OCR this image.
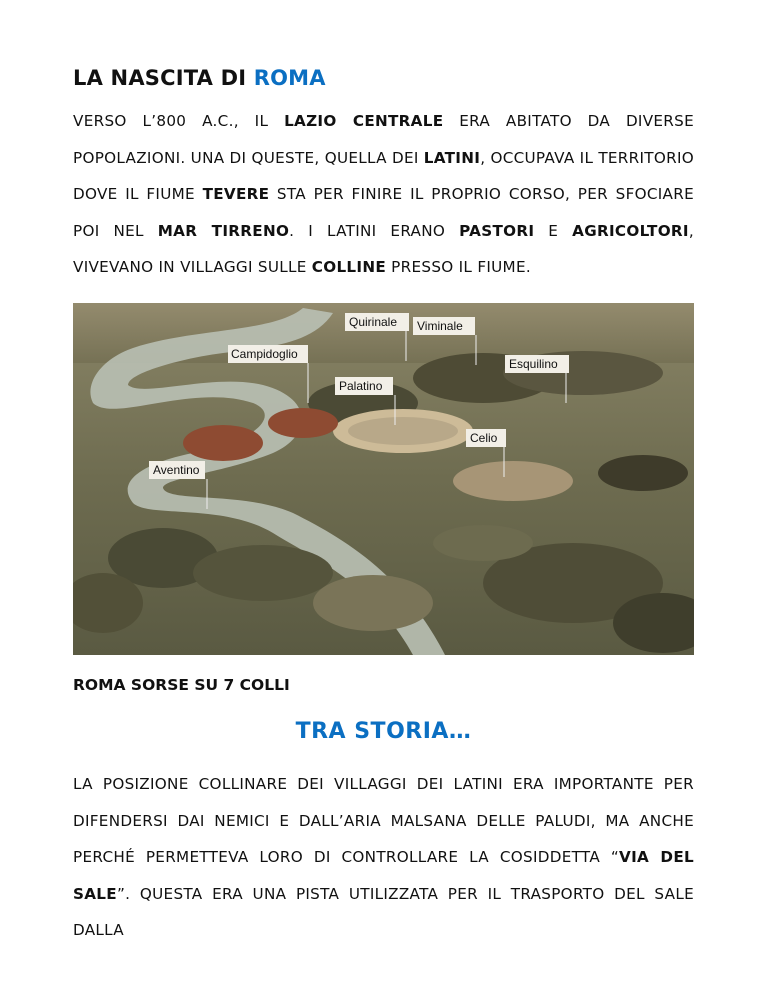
LA NASCITA DI ROMA
VERSO L’800 A.C., IL LAZIO CENTRALE ERA ABITATO DA DIVERSE POPOLAZIONI. UNA DI QUESTE, QUELLA DEI LATINI, OCCUPAVA IL TERRITORIO DOVE IL FIUME TEVERE STA PER FINIRE IL PROPRIO CORSO, PER SFOCIARE POI NEL MAR TIRRENO. I LATINI ERANO PASTORI E AGRICOLTORI, VIVEVANO IN VILLAGGI SULLE COLLINE PRESSO IL FIUME.
Quirinale Viminale
Campidoglio
Esquilino
Palatino
Celio
Aventino

ROMA SORSE SU 7 COLLI

TRA STORIA…
LA POSIZIONE COLLINARE DEI VILLAGGI DEI LATINI ERA IMPORTANTE PER DIFENDERSI DAI NEMICI E DALL’ARIA MALSANA DELLE PALUDI, MA ANCHE PERCHÉ PERMETTEVA LORO DI CONTROLLARE LA COSIDDETTA “VIA DEL SALE”. QUESTA ERA UNA PISTA UTILIZZATA PER IL TRASPORTO DEL SALE DALLA
